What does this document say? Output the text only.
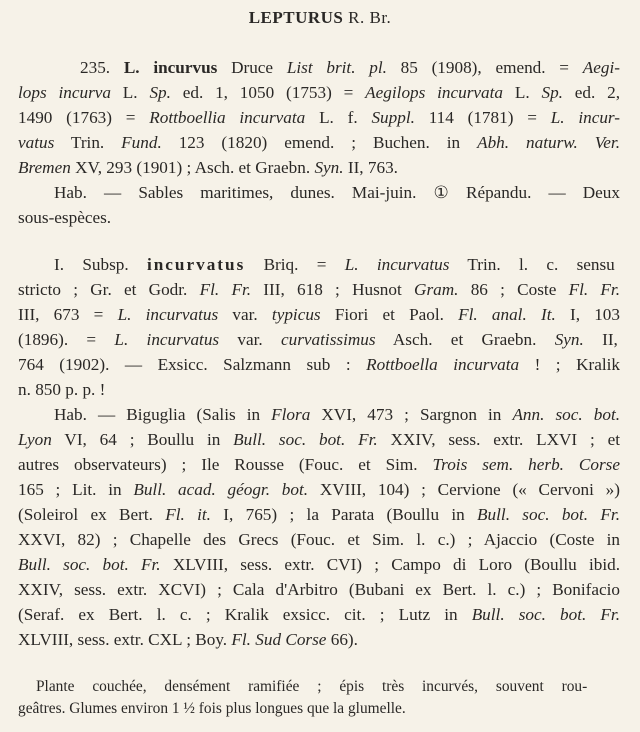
LEPTURUS R. Br.
235. L. incurvus Druce List brit. pl. 85 (1908), emend. = Aegi-
lops incurva L. Sp. ed. 1, 1050 (1753) = Aegilops incurvata L. Sp. ed. 2,
1490 (1763) = Rottboellia incurvata L. f. Suppl. 114 (1781) = L. incur-
vatus Trin. Fund. 123 (1820) emend. ; Buchen. in Abh. naturw. Ver.
Bremen XV, 293 (1901) ; Asch. et Graebn. Syn. II, 763.
Hab. — Sables maritimes, dunes. Mai-juin. ① Répandu. — Deux
sous-espèces.
I. Subsp. incurvatus Briq. = L. incurvatus Trin. l. c. sensu
stricto ; Gr. et Godr. Fl. Fr. III, 618 ; Husnot Gram. 86 ; Coste Fl. Fr.
III, 673 = L. incurvatus var. typicus Fiori et Paol. Fl. anal. It. I, 103
(1896). = L. incurvatus var. curvatissimus Asch. et Graebn. Syn. II,
764 (1902). — Exsicc. Salzmann sub : Rottboella incurvata ! ; Kralik
n. 850 p. p. !
Hab. — Biguglia (Salis in Flora XVI, 473 ; Sargnon in Ann. soc. bot.
Lyon VI, 64 ; Boullu in Bull. soc. bot. Fr. XXIV, sess. extr. LXVI ; et
autres observateurs) ; Ile Rousse (Fouc. et Sim. Trois sem. herb. Corse
165 ; Lit. in Bull. acad. géogr. bot. XVIII, 104) ; Cervione (« Cervoni »)
(Soleirol ex Bert. Fl. it. I, 765) ; la Parata (Boullu in Bull. soc. bot. Fr.
XXVI, 82) ; Chapelle des Grecs (Fouc. et Sim. l. c.) ; Ajaccio (Coste in
Bull. soc. bot. Fr. XLVIII, sess. extr. CVI) ; Campo di Loro (Boullu ibid.
XXIV, sess. extr. XCVI) ; Cala d'Arbitro (Bubani ex Bert. l. c.) ; Bonifacio
(Seraf. ex Bert. l. c. ; Kralik exsicc. cit. ; Lutz in Bull. soc. bot. Fr.
XLVIII, sess. extr. CXL ; Boy. Fl. Sud Corse 66).
Plante couchée, densément ramifiée ; épis très incurvés, souvent rou-
geâtres. Glumes environ 1 ½ fois plus longues que la glumelle.
